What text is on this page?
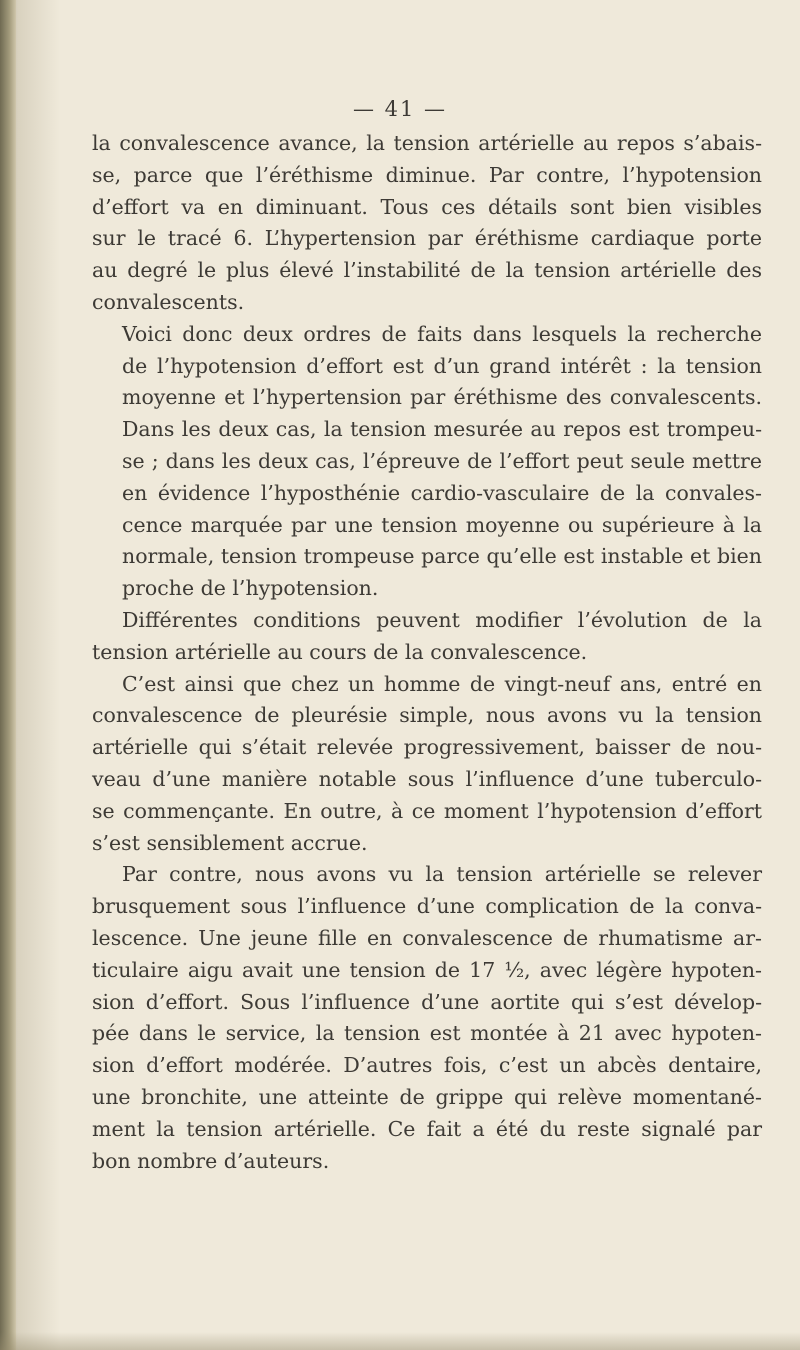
— 41 —

la convalescence avance, la tension artérielle au repos s’abais-
se, parce que l’éréthisme diminue. Par contre, l’hypotension
d’effort va en diminuant. Tous ces détails sont bien visibles
sur le tracé 6. L’hypertension par éréthisme cardiaque porte
au degré le plus élevé l’instabilité de la tension artérielle des
convalescents.

Voici donc deux ordres de faits dans lesquels la recherche
de l’hypotension d’effort est d’un grand intérêt : la tension
moyenne et l’hypertension par éréthisme des convalescents.
Dans les deux cas, la tension mesurée au repos est trompeu-
se ; dans les deux cas, l’épreuve de l’effort peut seule mettre
en évidence l’hyposthénie cardio-vasculaire de la convales-
cence marquée par une tension moyenne ou supérieure à la
normale, tension trompeuse parce qu’elle est instable et bien
proche de l’hypotension.

Différentes conditions peuvent modifier l’évolution de la
tension artérielle au cours de la convalescence.

C’est ainsi que chez un homme de vingt-neuf ans, entré en
convalescence de pleurésie simple, nous avons vu la tension
artérielle qui s’était relevée progressivement, baisser de nou-
veau d’une manière notable sous l’influence d’une tuberculo-
se commençante. En outre, à ce moment l’hypotension d’effort
s’est sensiblement accrue.

Par contre, nous avons vu la tension artérielle se relever
brusquement sous l’influence d’une complication de la conva-
lescence. Une jeune fille en convalescence de rhumatisme ar-
ticulaire aigu avait une tension de 17 ½, avec légère hypoten-
sion d’effort. Sous l’influence d’une aortite qui s’est dévelop-
pée dans le service, la tension est montée à 21 avec hypoten-
sion d’effort modérée. D’autres fois, c’est un abcès dentaire,
une bronchite, une atteinte de grippe qui relève momentané-
ment la tension artérielle. Ce fait a été du reste signalé par
bon nombre d’auteurs.
